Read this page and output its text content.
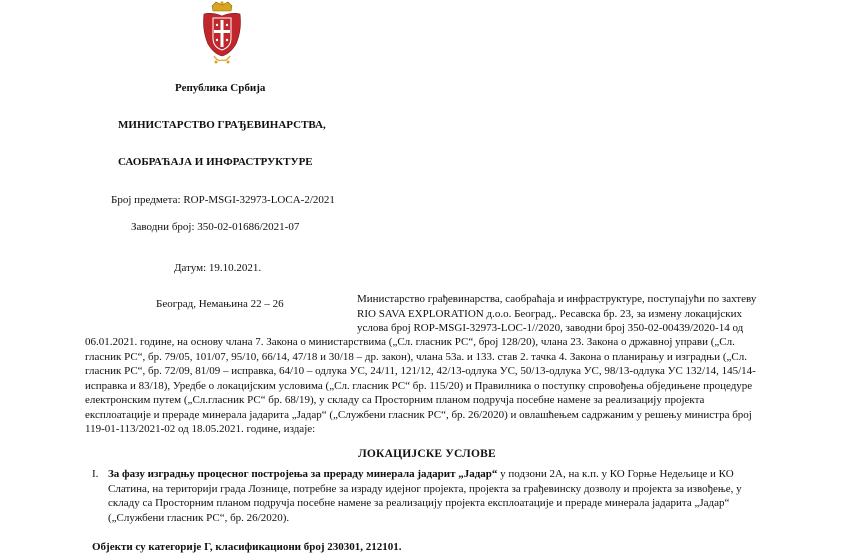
Република Србија
МИНИСТАРСТВО ГРАЂЕВИНАРСТВА,
САОБРАЋАЈА И ИНФРАСТРУКТУРЕ
Број предмета: ROP-MSGI-32973-LOCA-2/2021
Заводни број: 350-02-01686/2021-07
Датум: 19.10.2021.
Београд, Немањина 22 – 26	Министарство грађевинарства, саобраћаја и инфраструктуре, поступајући по захтеву
RIO SAVA EXPLORATION д.о.о. Београд,. Ресавска бр. 23, за измену локацијских
услова број ROP-MSGI-32973-LOC-1//2020, заводни број 350-02-00439/2020-14 од
06.01.2021. године, на основу члана 7. Закона о министарствима („Сл. гласник РС“, број 128/20), члана 23. Закона о државној управи („Сл.
гласник РС“, бр. 79/05, 101/07, 95/10, 66/14, 47/18 и 30/18 – др. закон), члана 53а. и 133. став 2. тачка 4. Закона о планирању и изградњи („Сл.
гласник РС“, бр. 72/09, 81/09 – исправка, 64/10 – одлука УС, 24/11, 121/12, 42/13-одлука УС, 50/13-одлука УС, 98/13-одлука УС 132/14, 145/14-
исправка и 83/18), Уредбе о локацијским условима („Сл. гласник РС“ бр. 115/20) и Правилника о поступку спровођења обједињене процедуре
електронским путем („Сл.гласник РС“ бр. 68/19), у складу са Просторним планом подручја посебне намене за реализацију пројекта
експлоатације и прераде минерала јадарита „Јадар“ („Службени гласник РС“, бр. 26/2020) и овлашћењем садржаним у решењу министра број
119-01-113/2021-02 од 18.05.2021. године, издаје:
ЛОКАЦИЈСКЕ УСЛОВЕ
I. За фазу изградњу процесног постројења за прераду минерала јадарит „Јадар“ у подзони 2А, на к.п. у КО Горње Недељице и КО
Слатина, на територији града Лознице, потребне за израду идејног пројекта, пројекта за грађевинску дозволу и пројекта за извођење, у
складу са Просторним планом подручја посебне намене за реализацију пројекта експлоатације и прераде минерала јадарита „Јадар“
(„Службени гласник РС“, бр. 26/2020).
Објекти су категорије Г, класификациони број 230301, 212101.
